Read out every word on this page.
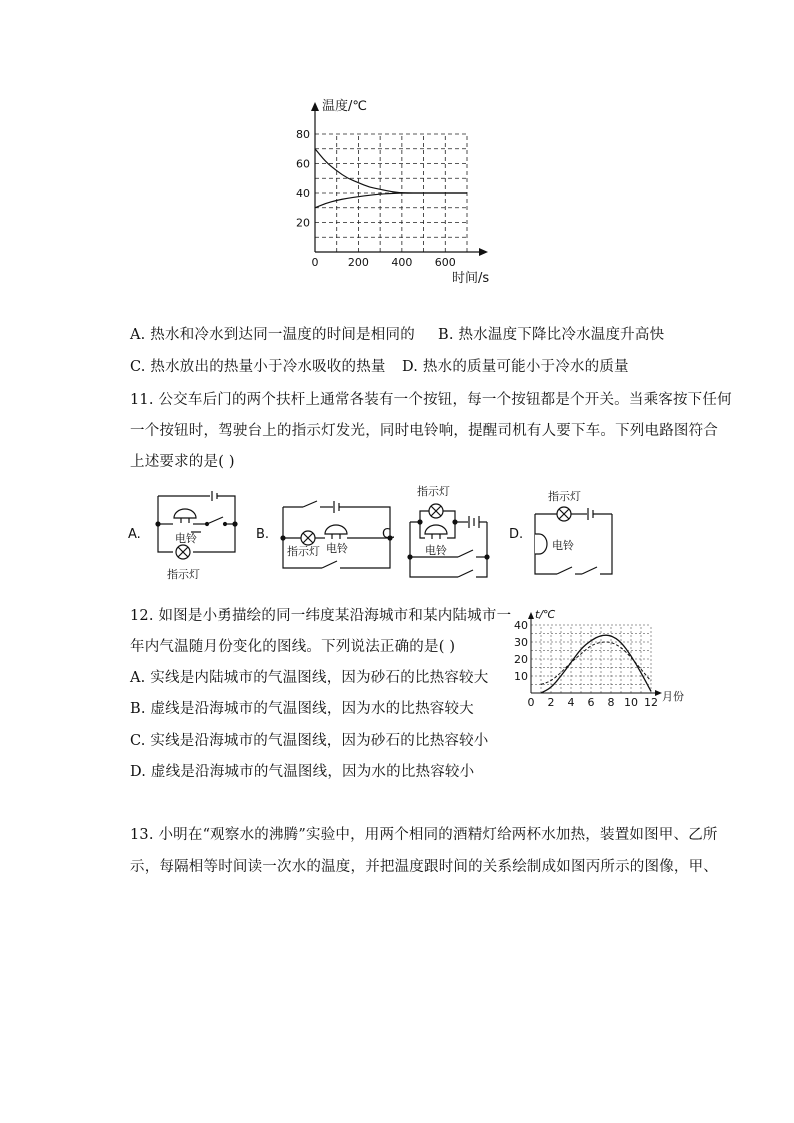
20
40
60
80
0	200 400 600
温度/℃
时间/s
A. 热水和冷水到达同一温度的时间是相同的 B. 热水温度下降比冷水温度升高快
C. 热水放出的热量小于冷水吸收的热量 D. 热水的质量可能小于冷水的质量
11. 公交车后门的两个扶杆上通常各装有一个按钮，每一个按钮都是个开关。当乘客按下任何
一个按钮时，驾驶台上的指示灯发光，同时电铃响，提醒司机有人要下车。下列电路图符合
上述要求的是( )
A.	电铃
指示灯
B.
指示灯 电铃
C.
指示灯
电铃
D.
指示灯
电铃
12. 如图是小勇描绘的同一纬度某沿海城市和某内陆城市一
年内气温随月份变化的图线。下列说法正确的是( )
A. 实线是内陆城市的气温图线，因为砂石的比热容较大
B. 虚线是沿海城市的气温图线，因为水的比热容较大
C. 实线是沿海城市的气温图线，因为砂石的比热容较小
D. 虚线是沿海城市的气温图线，因为水的比热容较小
10
20
30
40
0 2 4 6 8 10 12
t/℃
月份
13. 小明在“观察水的沸腾”实验中，用两个相同的酒精灯给两杯水加热，装置如图甲、乙所
示，每隔相等时间读一次水的温度，并把温度跟时间的关系绘制成如图丙所示的图像，甲、
